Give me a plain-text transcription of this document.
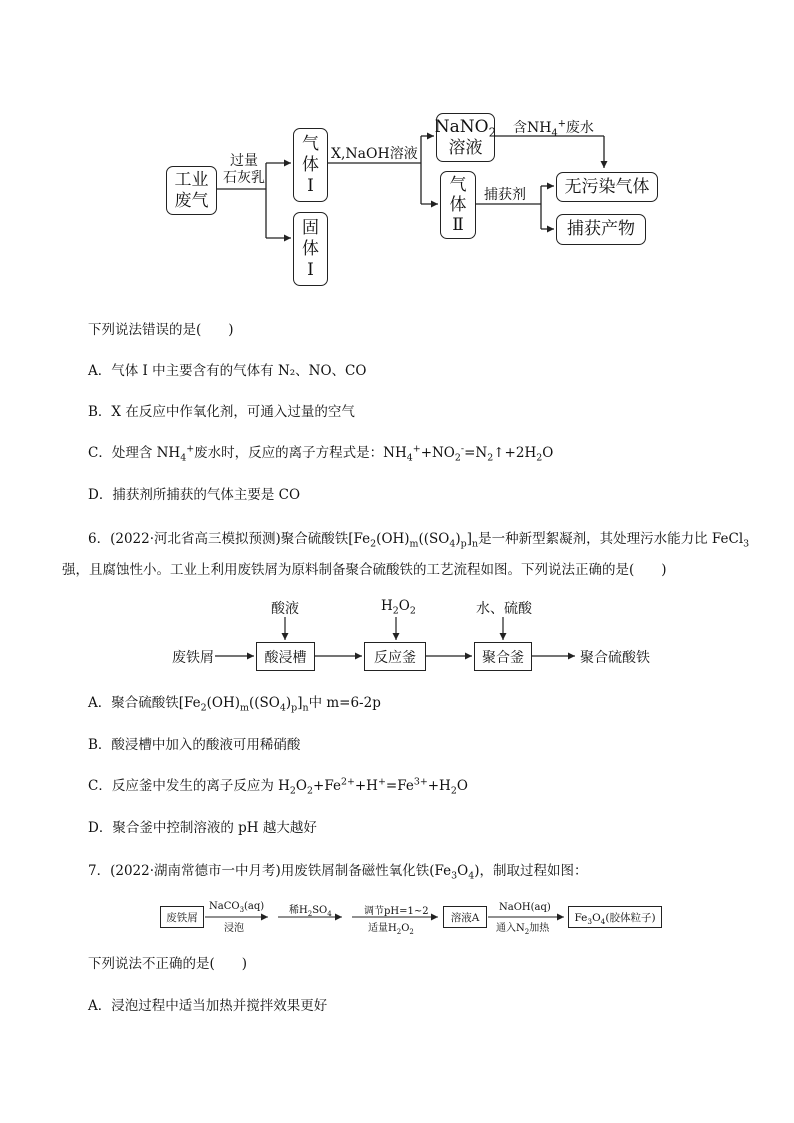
工业
废气
过量
石灰乳
气
体
Ⅰ
固
体
Ⅰ
X,NaOH溶液
NaNO$_2$
溶液
含$NH_4^+$废水
气
体
Ⅱ
捕获剂 无污染气体
捕获产物
下列说法错误的是(　　)
A．气体 I 中主要含有的气体有 N₂、NO、CO
B．X 在反应中作氧化剂，可通入过量的空气
C．处理含 $NH_4^+$废水时，反应的离子方程式是：$NH_4^++NO_2^-=N_2↑+2H_2O$
D．捕获剂所捕获的气体主要是 CO
6．(2022·河北省高三模拟预测)聚合硫酸铁[$Fe_2(OH)_m((SO_4)_p]_n$是一种新型絮凝剂，其处理污水能力比 FeCl$_3$
强，且腐蚀性小。工业上利用废铁屑为原料制备聚合硫酸铁的工艺流程如图。下列说法正确的是(　　)
废铁屑
酸液
酸浸槽
$H_2O_2$
反应釜
水、硫酸
聚合釜	聚合硫酸铁
A．聚合硫酸铁[$Fe_2(OH)_m((SO_4)_p]_n$中 m=6-2p
B．酸浸槽中加入的酸液可用稀硝酸
C．反应釜中发生的离子反应为 $H_2O_2+Fe^{2+}+H^+=Fe^{3+}+H_2O$
D．聚合釜中控制溶液的 pH 越大越好
7．(2022·湖南常德市一中月考)用废铁屑制备磁性氧化铁$(Fe_3O_4)$，制取过程如图：
废铁屑
NaCO$_3$(aq)
浸泡
稀$H_2SO_4$	调节pH=1~2
适量$H_2O_2$
溶液A
NaOH(aq)
通入$N_2$加热
$Fe_3O_4$(胶体粒子)
下列说法不正确的是(　　)
A．浸泡过程中适当加热并搅拌效果更好
